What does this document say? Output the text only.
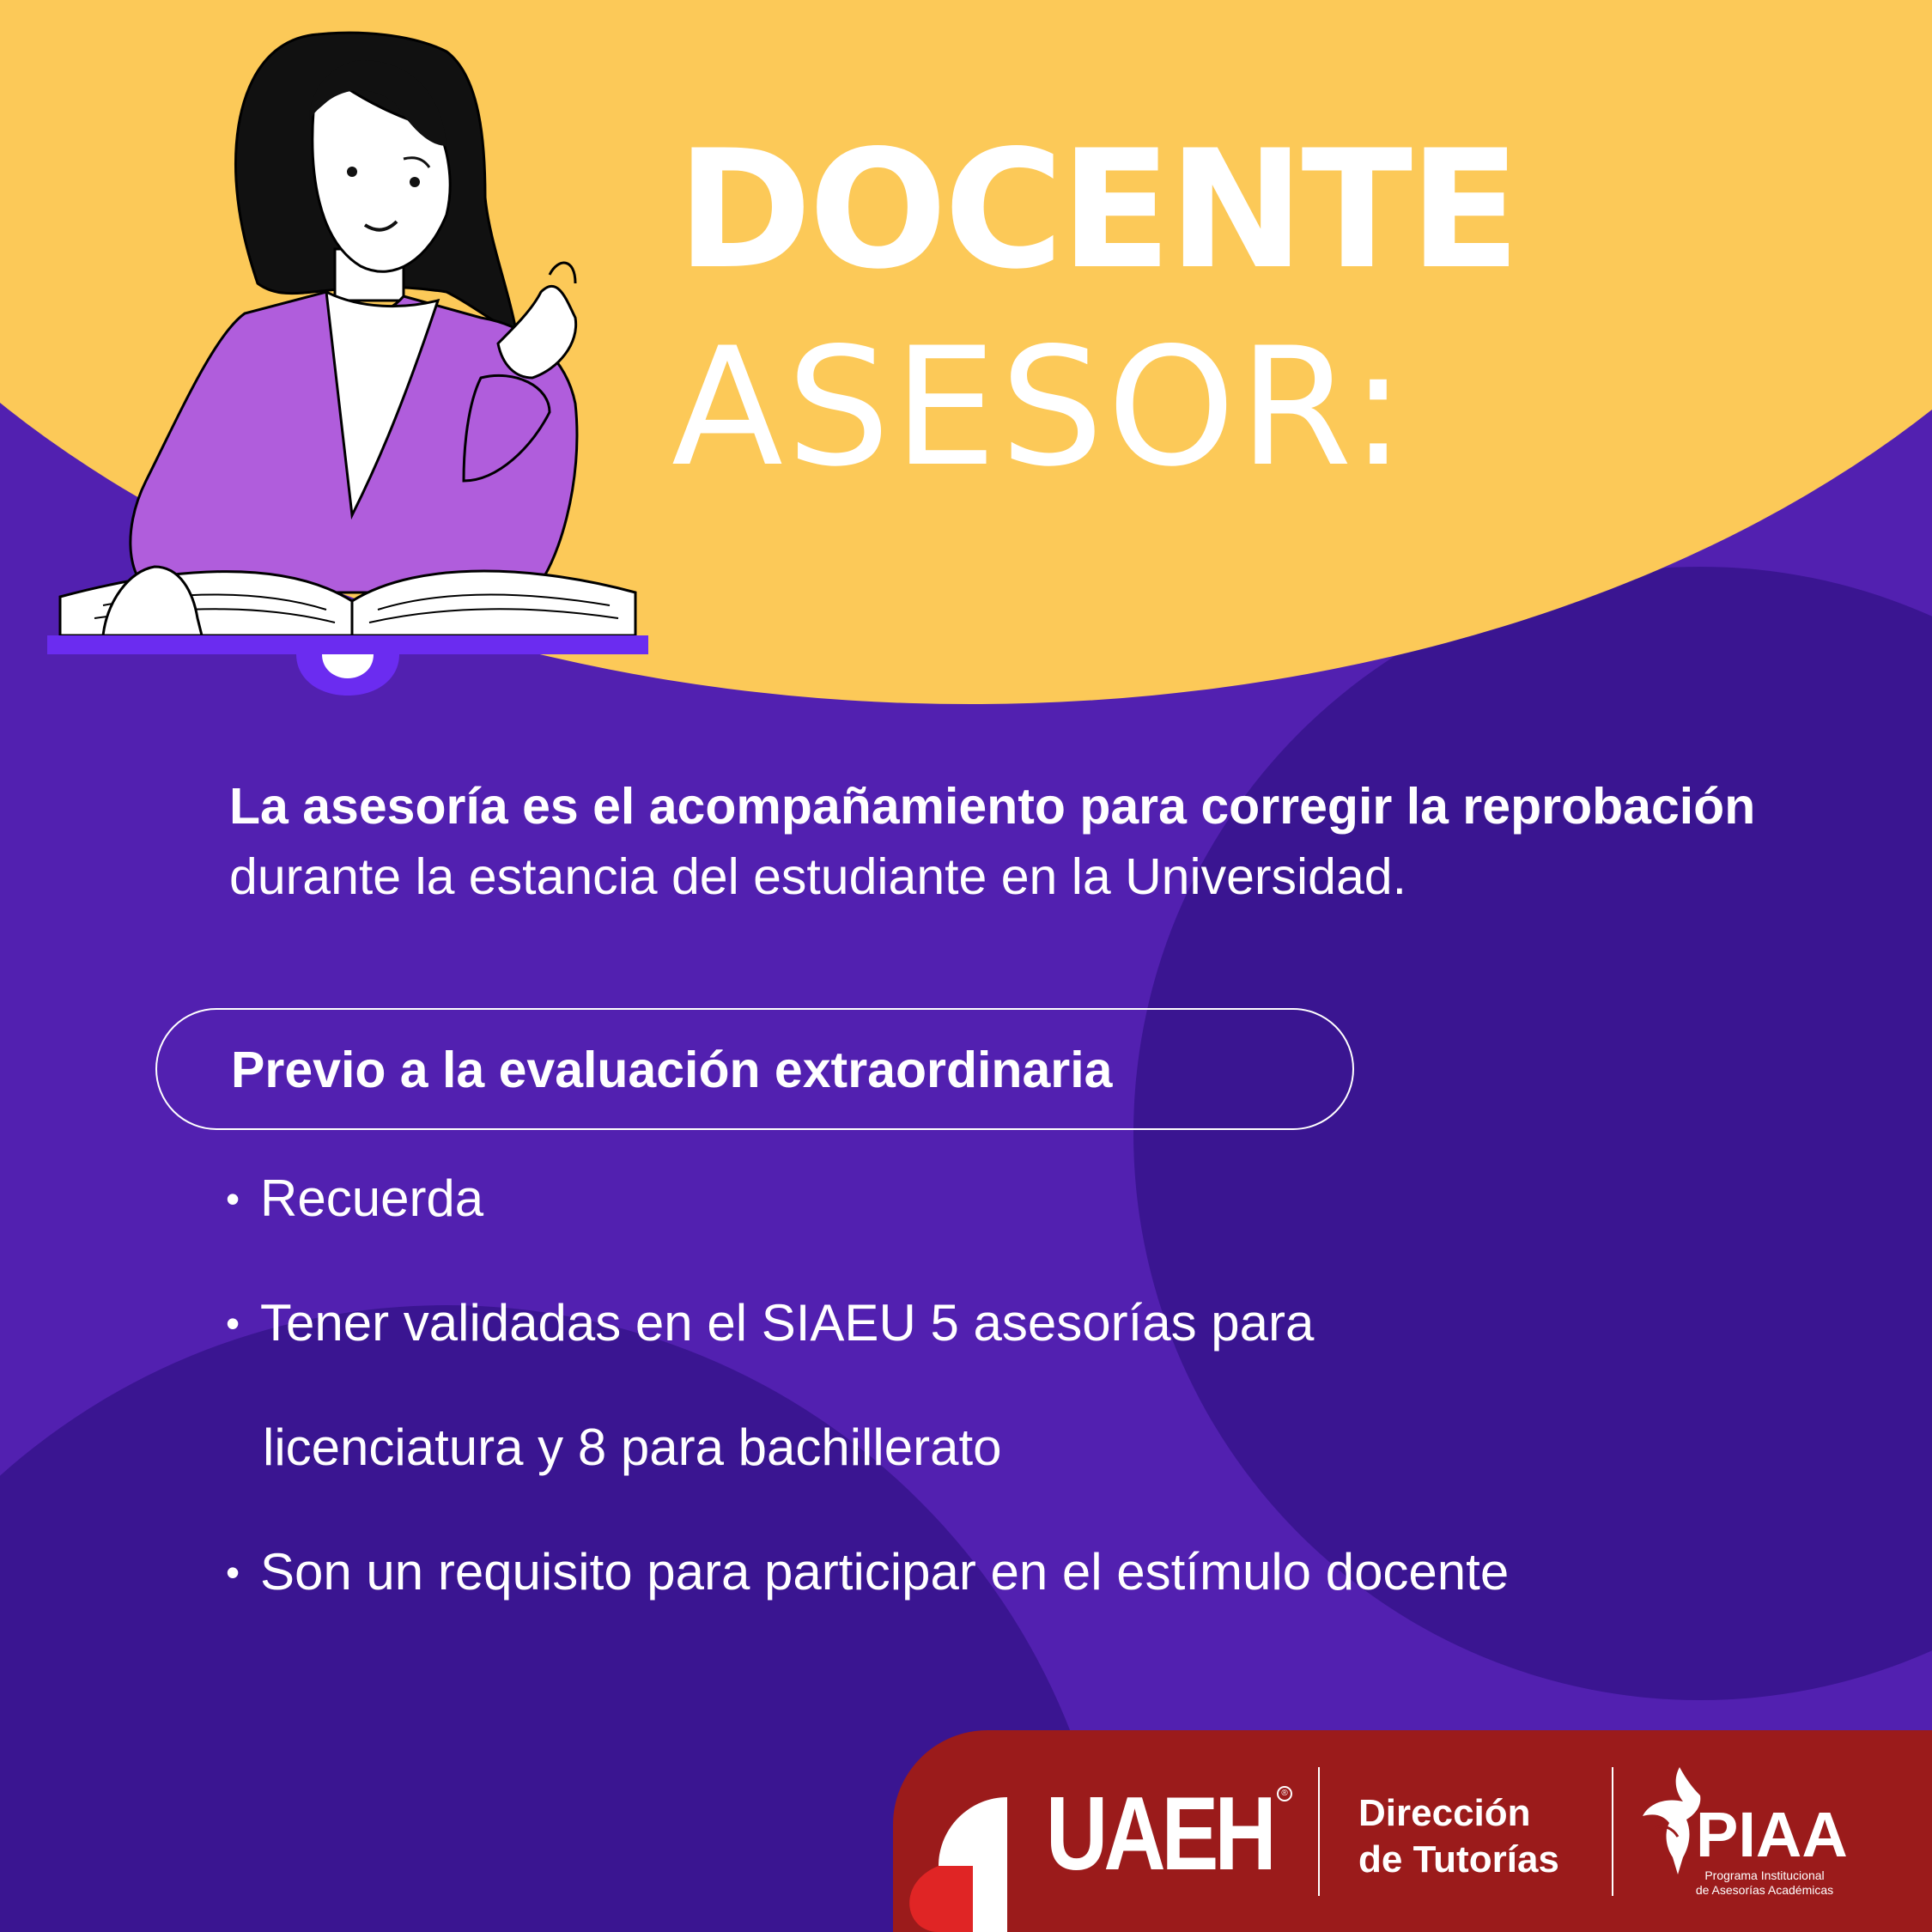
DOCENTE
ASESOR:
La asesoría es el acompañamiento para corregir la reprobación durante la estancia del estudiante en la Universidad.
Previo a la evaluación extraordinaria
• Recuerda
• Tener validadas en el SIAEU 5 asesorías para
licenciatura y 8 para bachillerato
• Son un requisito para participar en el estímulo docente
UAEH	® Dirección
de Tutorías PIAA
Programa Institucional
de Asesorías Académicas
